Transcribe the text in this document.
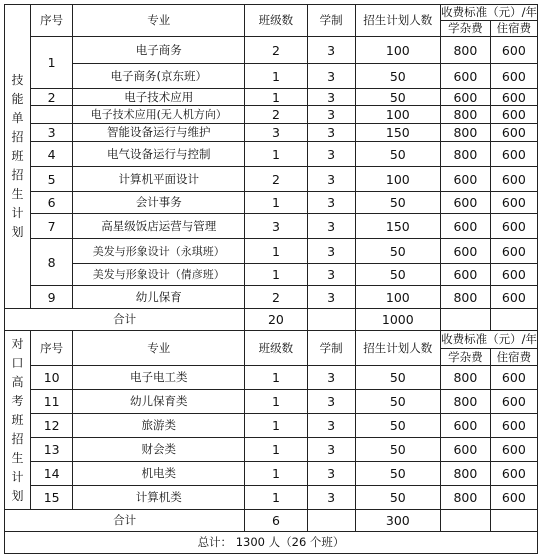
技能单招班招生计划	序号	专业	班级数	学制	招生计划人数	收费标准（元）/年	
						学杂费	住宿费
	1	电子商务	2	3	100	800	600
		电子商务(京东班）	1	3	50	600	600
	2	电子技术应用	1	3	50	600	600
		电子技术应用(无人机方向）	2	3	100	800	600
	3	智能设备运行与维护	3	3	150	800	600
	4	电气设备运行与控制	1	3	50	800	600
	5	计算机平面设计	2	3	100	600	600
	6	会计事务	1	3	50	600	600
	7	高星级饭店运营与管理	3	3	150	600	600
	8	美发与形象设计（永琪班）	1	3	50	600	600
		美发与形象设计（倩彦班）	1	3	50	600	600
	9	幼儿保育	2	3	100	800	600
合计			20		1000		

对口高考班招生计划	序号	专业	班级数	学制	招生计划人数	收费标准（元）/年	
						学杂费	住宿费
	10	电子电工类	1	3	50	800	600
	11	幼儿保育类	1	3	50	800	600
	12	旅游类	1	3	50	600	600
	13	财会类	1	3	50	600	600
	14	机电类	1	3	50	800	600
	15	计算机类	1	3	50	800	600
合计			6		300		
总计： 1300 人（26 个班）							
